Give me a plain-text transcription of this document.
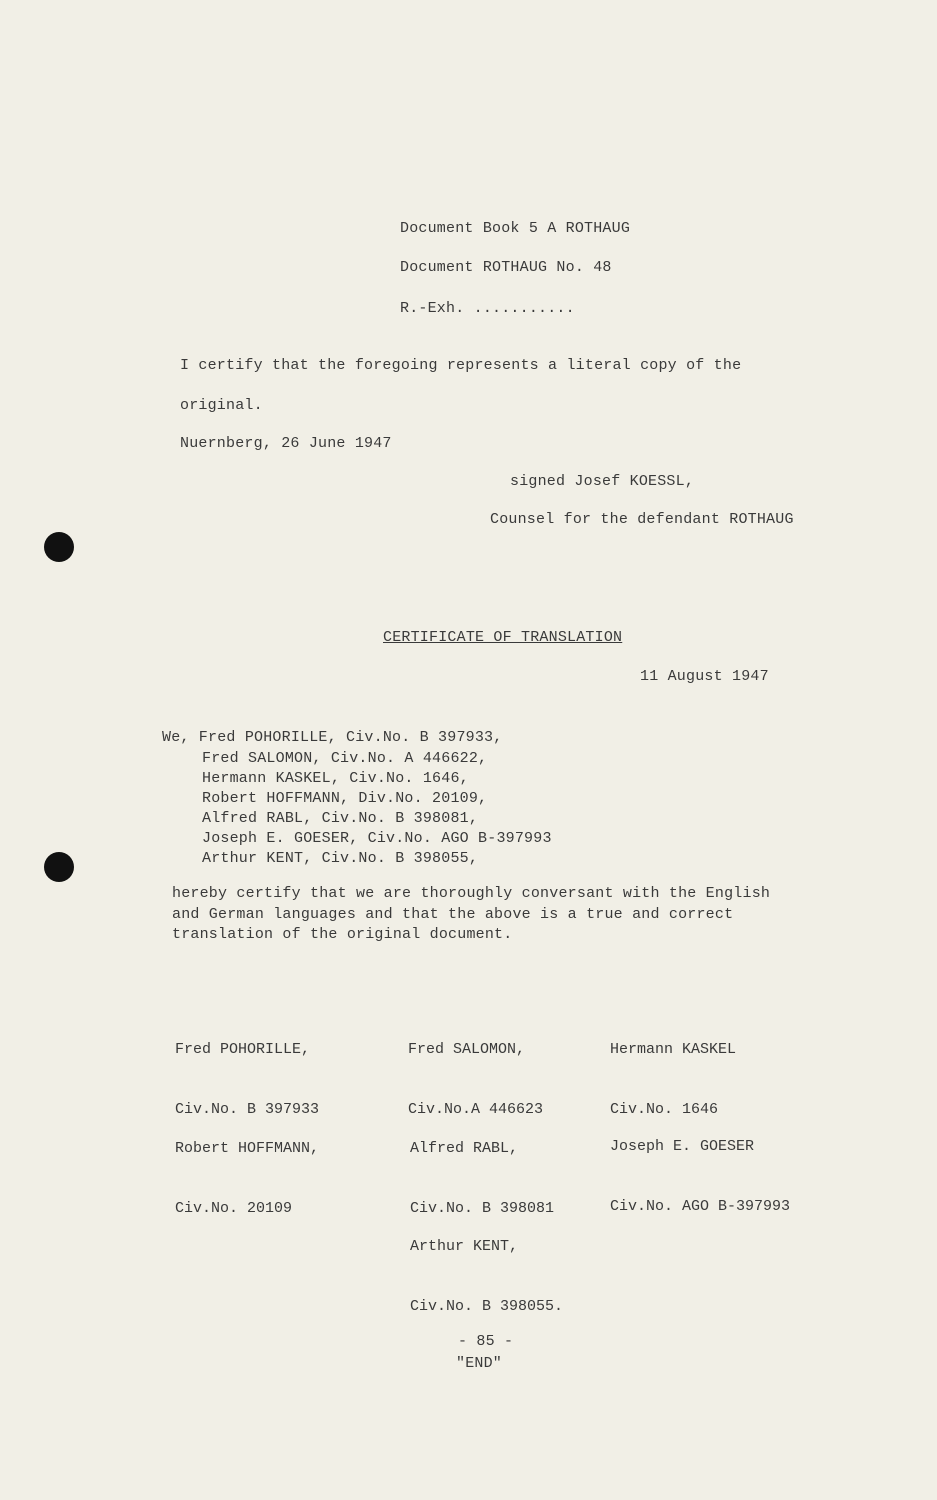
Document Book 5 A ROTHAUG
Document ROTHAUG No. 48
R.-Exh. ...........
I certify that the foregoing represents a literal copy of the
original.
Nuernberg, 26 June 1947
signed Josef KOESSL,
Counsel for the defendant ROTHAUG
CERTIFICATE OF TRANSLATION
11 August 1947
We, Fred POHORILLE, Civ.No. B 397933,
Fred SALOMON, Civ.No. A 446622,
Hermann KASKEL, Civ.No. 1646,
Robert HOFFMANN, Div.No. 20109,
Alfred RABL, Civ.No. B 398081,
Joseph E. GOESER, Civ.No. AGO B-397993
Arthur KENT, Civ.No. B 398055,
hereby certify that we are thoroughly conversant with the English
and German languages and that the above is a true and correct
translation of the original document.

Fred POHORILLE,

Civ.No. B 397933

Fred SALOMON,

Civ.No.A 446623

Hermann KASKEL

Civ.No. 1646

Robert HOFFMANN,

Civ.No. 20109

Alfred RABL,

Civ.No. B 398081

Joseph E. GOESER

Civ.No. AGO B-397993

Arthur KENT,

Civ.No. B 398055.

- 85 -
"END"
